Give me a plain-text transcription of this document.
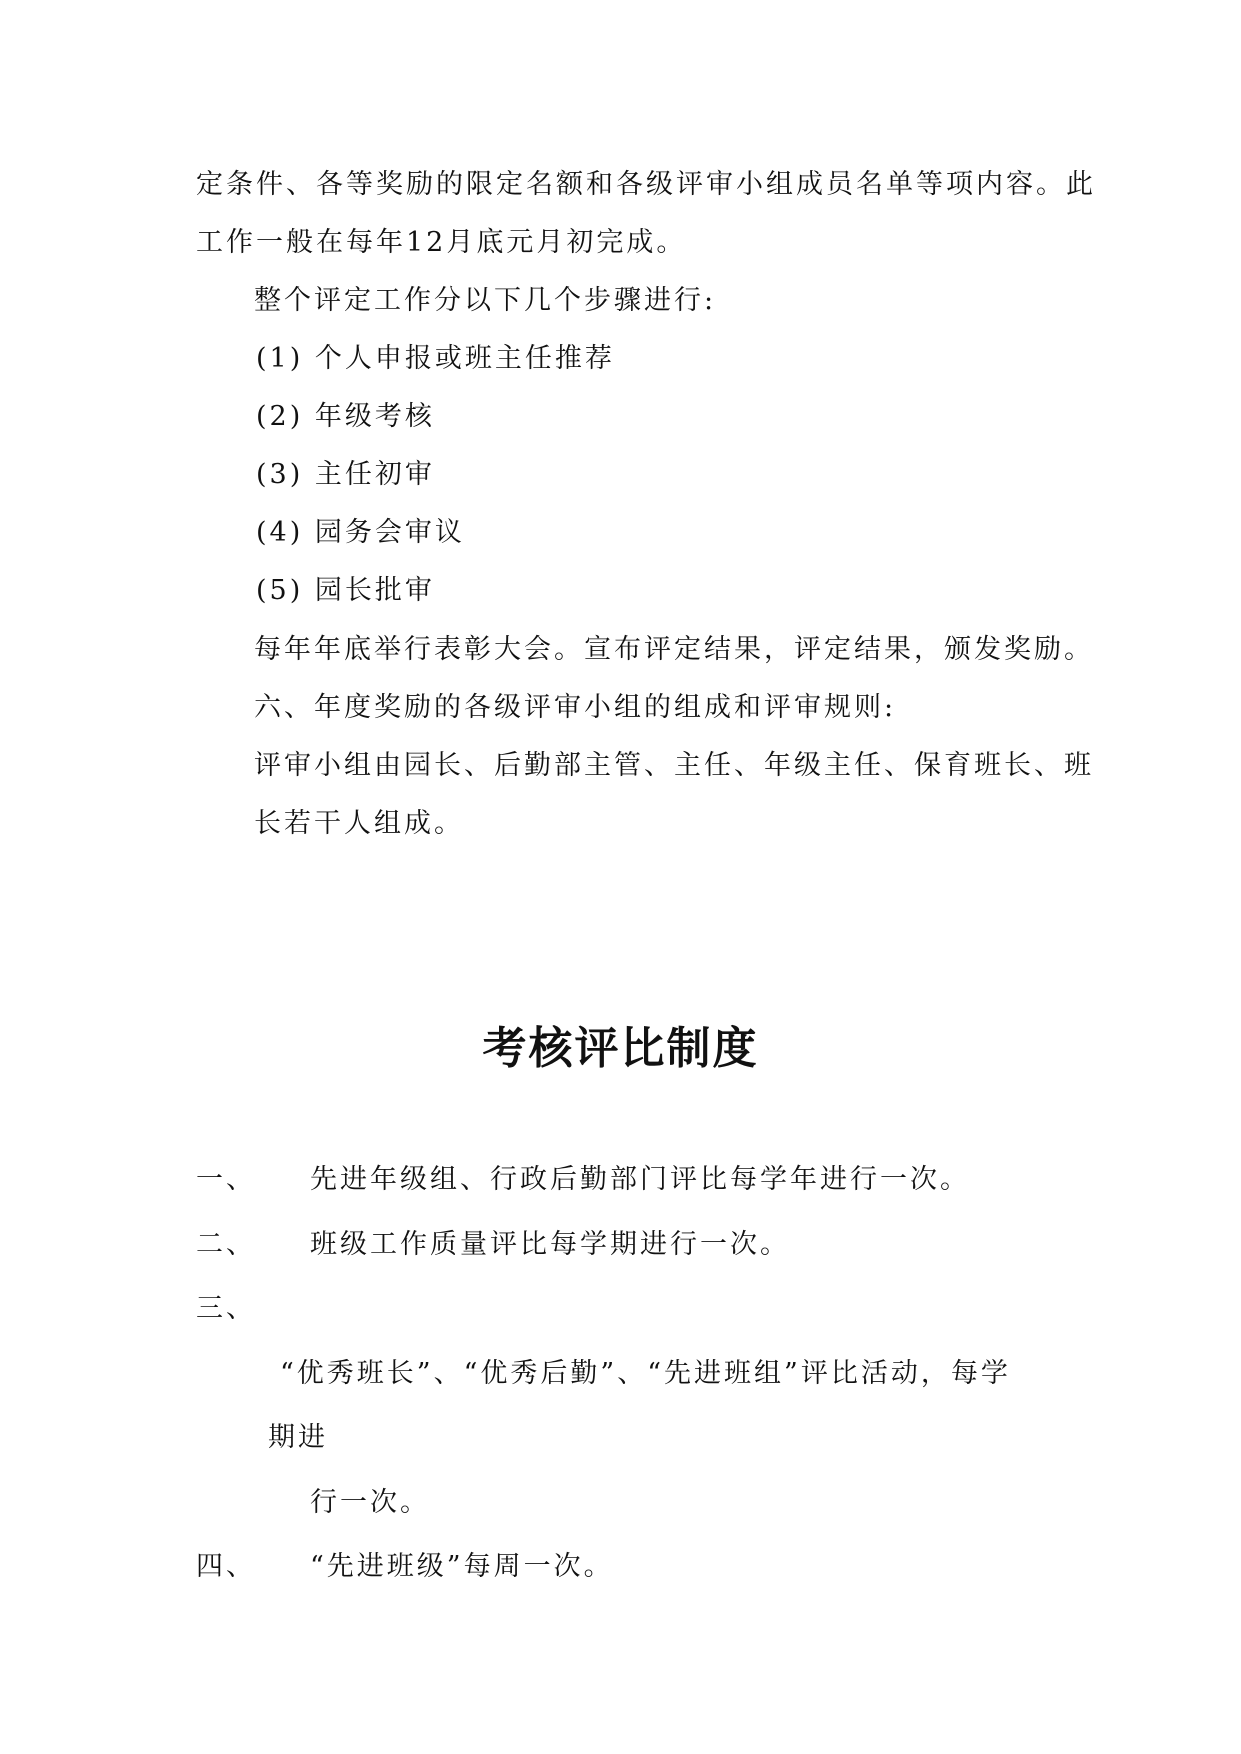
定条件、各等奖励的限定名额和各级评审小组成员名单等项内容。此
工作一般在每年12月底元月初完成。
整个评定工作分以下几个步骤进行:
(1) 个人申报或班主任推荐
(2) 年级考核
(3) 主任初审
(4) 园务会审议
(5) 园长批审
每年年底举行表彰大会。宣布评定结果，评定结果，颁发奖励。
六、年度奖励的各级评审小组的组成和评审规则:
评审小组由园长、后勤部主管、主任、年级主任、保育班长、班
长若干人组成。
考核评比制度
一、 先进年级组、行政后勤部门评比每学年进行一次。
二、 班级工作质量评比每学期进行一次。
三、
“优秀班长”、“优秀后勤”、“先进班组”评比活动，每学
期进
行一次。
四、 “先进班级”每周一次。
